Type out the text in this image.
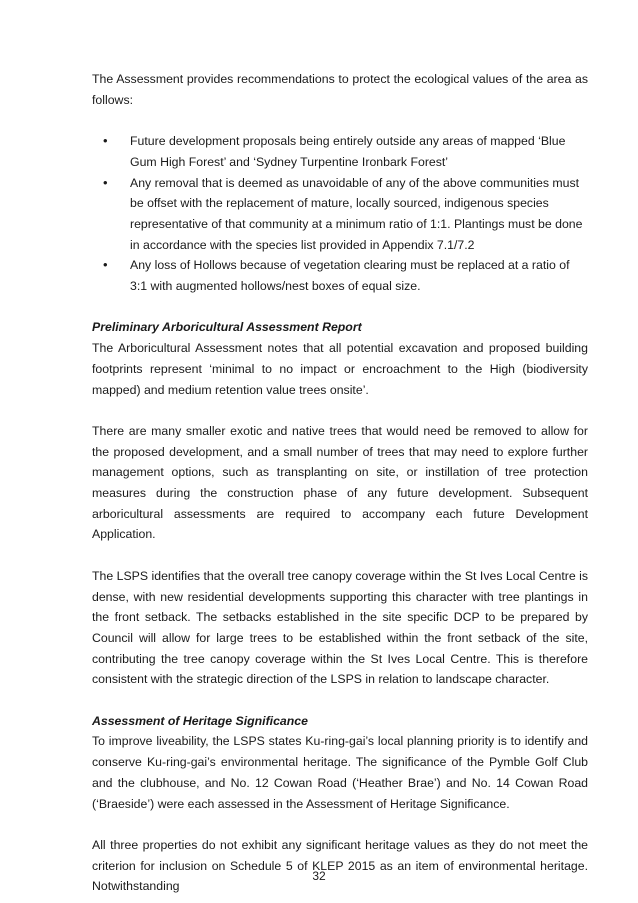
The Assessment provides recommendations to protect the ecological values of the area as follows:

• Future development proposals being entirely outside any areas of mapped ‘Blue Gum High Forest’ and ‘Sydney Turpentine Ironbark Forest’
• Any removal that is deemed as unavoidable of any of the above communities must be offset with the replacement of mature, locally sourced, indigenous species representative of that community at a minimum ratio of 1:1. Plantings must be done in accordance with the species list provided in Appendix 7.1/7.2
• Any loss of Hollows because of vegetation clearing must be replaced at a ratio of 3:1 with augmented hollows/nest boxes of equal size.
Preliminary Arboricultural Assessment Report

The Arboricultural Assessment notes that all potential excavation and proposed building footprints represent ‘minimal to no impact or encroachment to the High (biodiversity mapped) and medium retention value trees onsite’.

There are many smaller exotic and native trees that would need be removed to allow for the proposed development, and a small number of trees that may need to explore further management options, such as transplanting on site, or instillation of tree protection measures during the construction phase of any future development. Subsequent arboricultural assessments are required to accompany each future Development Application.

The LSPS identifies that the overall tree canopy coverage within the St Ives Local Centre is dense, with new residential developments supporting this character with tree plantings in the front setback. The setbacks established in the site specific DCP to be prepared by Council will allow for large trees to be established within the front setback of the site, contributing the tree canopy coverage within the St Ives Local Centre. This is therefore consistent with the strategic direction of the LSPS in relation to landscape character.

Assessment of Heritage Significance

To improve liveability, the LSPS states Ku-ring-gai’s local planning priority is to identify and conserve Ku-ring-gai’s environmental heritage. The significance of the Pymble Golf Club and the clubhouse, and No. 12 Cowan Road (‘Heather Brae’) and No. 14 Cowan Road (‘Braeside’) were each assessed in the Assessment of Heritage Significance.

All three properties do not exhibit any significant heritage values as they do not meet the criterion for inclusion on Schedule 5 of KLEP 2015 as an item of environmental heritage. Notwithstanding

32
